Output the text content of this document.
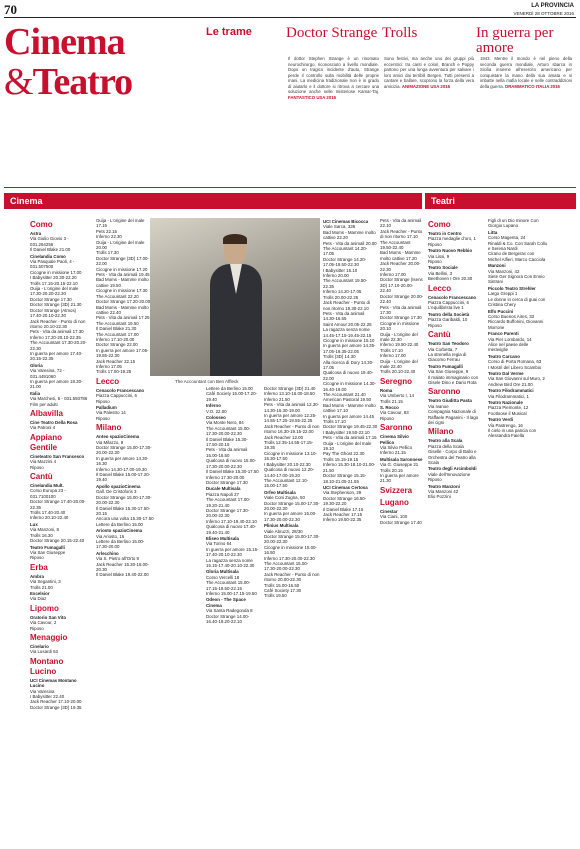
70	LA PROVINCIA
VENERDÌ 28 OTTOBRE 2016
Cinema
&Teatro
Le trame Doctor Strange Trolls	In guerra per amore
Il dottor Stephen Strange è un rinomato neurochirurgo, riconosciuto a livello mondiale. Dopo un tragico incidente d'auto, Strange perde il controllo sulla mobilità delle proprie mani. La medicina tradizionale non è in grado di aiutarlo e il dottore si ritrova a cercare una soluzione anche nelle misteriose Kamar-Taj. FANTASTICO USA 2016
Sono festivi, ma anche uno dei gruppi più eccentrici: tra canti e colori, Branch e Poppy partono per una lunga avventura per salvare i loro amici dai terribili Bergen. Tutti presenti a cantare e ballare, scoprono la forza della vera amicizia. ANIMAZIONE USA 2016
1943. Mentre il mondo è nel pieno della seconda guerra mondiale, Arturo sbarca in Sicilia insieme all'esercito americano per conquistare la mano della sua amata e si imbatte nella mafia locale e nelle contraddizioni della guerra. DRAMMATICO ITALIA 2016
Cinema	Teatri
Como
Astra
Via Giulio Giovio 3 - 031.264256
Il Daniel Blake 21.00
Cinelandia Como
Via Pasquale Paoli, 4 - 031.507500
Cicogne in missione 17.00
I Babysitter 20.30-22.20
Trolls 17.15-20.15-22.10
Ouija - L'origine del male 17.30-20.20-22.30
Doctor Strange 17.30
Doctor Strange (3D) 21.30
Doctor Strange (Atmos) 17.40-20.10-22.30
Jack Reacher - Punto di non ritorno 20.10-22.30
Pets - Vita da animali 17.30
Inferno 17.20-20.10-22.35
The Accountant 17.30-20.20-22.30
In guerra per amore 17.40-20.15-22.35
Gloria
Via Varesina, 72 - 031.4491060
In guerra per amore 18.30-21.00
Italia
Via Marchesi, 6 - 031.593786
Film per adulti
Albavilla
Cine Teatro Della Rosa
Via Patroni 4
Appiano Gentile
Cineteatro San Francesco
Via Mazzini 4
Riposo
Cantù
Cinelandia Mult.
Corso Europa 23 - 031.7100100
Doctor Strange 17.40-20.00-22.35
Trolls 17.40-20.40
Inferno 20.10-22.40
Lux
Via Manzoni, 8
Trolls 16.30
Doctor Strange 20.15-22.40
Teatro Fumagalli
Via San Giuseppe
Riposo
Erba
Ambra
Via Segantini, 3
Trolls 21.00
Excelsior
Via Diaz
Lipomo
Oratorio San Vito
Via Cavour, 2
Riposo
Menaggio
Cinelario
Via Lusardi 53
Montano Lucino
UCI Cinemas Montano Lucino
Via Varesina
I Babysitter 22.40
Jack Reacher 17.10-20.00
Doctor Strange (3D) 19.35
Ouija - L'origine del male 17.15
Pets 22.15
Inferno 22.30
Ouija - L'origine del male 20.00
Trolls 17.30
Doctor Strange (3D) 17.00-22.00
Cicogne in missione 17.20
Pets - Vita da animali 19.45
Bad Moms - Mamme molto cattive 19.50
Cicogne in missione 17.30
The Accountant 22.20
Doctor Strange 17.20-20.00
Bad Moms - Mamme molto cattive 22.40
Pets - Vita da animali 17.25
The Accountant 19.50
Il Daniel Blake 21.30
The Accountant 17.00
Inferno 17.10-20.00
Doctor Strange 22.00
In guerra per amore 17.05-19.55-22.30
Jack Reacher 22.15
Inferno 17.05
Trolls 17.00-19.25
Lecco
Cenacolo Francescano
Piazza Cappuccini, 6
Riposo
Palladium
Via Palestro 14
Riposo
Milano
Anteo spazioCinema
Via Milazzo, 9
Doctor Strange 15.00-17.30-20.00-22.30
In guerra per amore 14.30-16.30
Inferno 14.30-17.00-19.30
Il Daniel Blake 15.00-17.20-19.40
Apollo spazioCinema
Gall. De Cristoforis 3
Doctor Strange 15.00-17.30-20.00-22.30
Il Daniel Blake 15.30-17.50-20.15
Ancora una volta 15.30-17.50
Lettere da Berlino 15.00
Ariosto spazioCinema
Via Ariosto, 16
Lettere da Berlino 15.00-17.30-20.00
Arlecchino
Via S. Pietro all'Orto 9
Jack Reacher 15.30-18.00-20.30
Il Daniel Blake 19.40-22.00
Lettere da Berlino 15.00
Café Society 15.00-17.20-19.40
Inferno
V.O. 22.00
Colosseo
Via Monte Nero, 84
The Accountant 15.00-17.30-20.00-22.30
Il Daniel Blake 15.30-17.50-20.15
Pets - Vita da animali 15.00-16.50
Qualcosa di nuovo 15.00-17.30-20.00-22.30
Il Daniel Blake 15.30-17.50
Inferno 17.30-20.00
Doctor Strange 17.30
Ducale Multisala
Piazza Napoli 27
The Accountant 17.00-19.20-21.40
Doctor Strange 17.30-20.00-22.30
Inferno 17.10-19.40-22.10
Qualcosa di nuovo 17.40-19.40-21.40
Eliseo Multisala
Via Torino 64
In guerra per amore 15.15-17.40-20.10-22.30
La ragazza senza nome 15.15-17.40-20.10-22.30
Gloria Multisala
Corso Vercelli 18
The Accountant 15.00-17.15-19.50-22.15
Inferno 15.00-17.15-19.50
Odeon - The Space Cinema
Via Santa Radegonda 8
Doctor Strange 14.00-16.40-19.20-22.10
Doctor Strange (3D) 21.40
Inferno 13.10-16.00-18.50
Inferno 21.50
Pets - Vita da animali 12.30-14.30-16.30-19.00
In guerra per amore 12.25-14.55-17.25-19.55-22.25
Jack Reacher - Punto di non ritorno 16.30-19.15-22.00
Jack Reacher 12.00
Trolls 12.35-14.55-17.15-19.35
Cicogne in missione 13.10-15.30-17.50
I Babysitter 20.10-22.30
Qualcosa di nuovo 12.20-14.40-17.00-19.20
The Accountant 12.10-15.00-17.50
Orfeo Multisala
Viale Coni Zugna, 50
Doctor Strange 15.00-17.30-20.00-22.30
In guerra per amore 15.00-17.30-20.00-22.30
Plinius Multisala
Viale Abruzzi, 28/30
Doctor Strange 15.00-17.30-20.00-22.30
Cicogne in missione 15.00-16.50
Inferno 17.30-20.00-22.30
The Accountant 15.00-17.30-20.00-22.30
Jack Reacher - Punto di non ritorno 20.00-22.30
Trolls 15.00-16.50
Café Society 17.30
Trolls 19.50
UCI Cinemas Bicocca
Viale Sarca, 336
Bad Moms - Mamme molto cattive 22.20
Pets - Vita da animali 20.00
The Accountant 14.20-17.05
Doctor Strange 14.20-17.05-19.50-22.30
I Babysitter 15.10
Inferno 20.00
The Accountant 19.50-22.35
Inferno 14.20-17.05
Trolls 20.00-22.25
Jack Reacher - Punto di non ritorno 19.30-22.10
Pets - Vita da animali 14.30-16.55
Saint Amour 20.05-22.25
La ragazza senza nome 14.45-17.15-19.45-22.15
Cicogne in missione 15.10
In guerra per amore 14.35-17.05-19.35-22.05
Trolls (3D) 14.30
Alla ricerca di Dory 14.30-17.05
Qualcosa di nuovo 19.40-22.00
Cicogne in missione 14.30-16.40-19.00
The Accountant 21.40
American Pastoral 19.50
Bad Moms - Mamme molto cattive 17.10
In guerra per amore 14.45
Trolls 17.10
Doctor Strange 19.45-22.30
I Babysitter 19.50-22.10
Pets - Vita da animali 17.15
Ouija - L'origine del male 19.10
Pay The Ghost 22.30
Trolls 15.15-19.15
Inferno 15.30-18.10-21.00-21.50
Doctor Strange 15.15-18.10-21.05-21.55
UCI Cinemas Certosa
Via Stephenson, 29
Doctor Strange 16.50-19.30-22.20
Il Daniel Blake 17.15
Jack Reacher 17.15
Inferno 19.50-22.35
Pets - Vita da animali 22.10
Jack Reacher - Punto di non ritorno 17.10
The Accountant 19.50-22.40
Bad Moms - Mamme molto cattive 17.20
Jack Reacher 20.00-22.30
Inferno 17.00
Doctor Strange (Isens 3D) 17.10-20.00-22.40
Doctor Strange 20.00-22.40
Pets - Vita da animali 17.30
Doctor Strange 17.30
Cicogne in missione 20.10
Ouija - L'origine del male 22.30
Inferno 19.50-22.40
Trolls 17.10
Inferno 17.00
Ouija - L'origine del male 22.40
Trolls 20.10-22.40
Seregno
Roma
Via Umberto I, 14
Trolls 21.15
S. Rocco
Via Cavour, 83
Riposo
Saronno
Cinema Silvio Pellico
Via Silvio Pellico
Inferno 21.15
Multisala Saronnese
Via G. Giuseppe 21
Trolls 20.15
In guerra per amore 21.30
Svizzera
Lugano
Cinestar
Via Ciani, 100
Doctor Strange 17.40
Como
Teatro in Centro
Piazza medaglie d'oro, 1
Riposo
Teatro Nuovo Rebbio
Via Lissi, 9
Riposo
Teatro Sociale
Via Bellini, 3
Beethoven I Ore 20.30
Lecco
Cenacolo Francescano
Piazza Cappuccini, 6
L'equilibrista live 1
Teatro della Società
Piazza Garibaldi, 10
Riposo
Cantù
Teatro San Teodoro
Via Corbetta, 7
La strenella regia di Giacomo Ferrau
Teatro Fumagalli
Via San Giuseppe, 9
Il malato immaginario con Gisele Dino e Dario Rota
Saronno
Teatro Giuditta Pasta
Via Ivanoe
Compagnia Nazionale di Raffaele Paganini - Il lago dei cigni
Milano
Teatro alla Scala
Piazza della Scala
Giselle - Corpo di Ballo e Orchestra del Teatro alla Scala
Teatro degli Arcimboldi
Viale dell'Innovazione
Riposo
Teatro Manzoni
Via Manzoni 42
Elio Pozzini
Figli di un Dio minore Con Giorgio Lupano
Litta
Corso Magenta, 24
Rinaldi & Co. Con Sarah Collu e Serena Nardi
Cirano de Bergerac con Michel Alfieri, Marco Cacciola
Manzoni
Via Manzoni, 42
Siete Ger Signora Con Ennio Sintrani
Piccolo Teatro Strehler
Largo Greppi 1
Le donne in cerca di guai con Cristina Chery
Elfo Puccini
Corso Buenos Aires, 33
Riccardo Buffonini, Giovanni Morrone
Franco Parenti
Via Pier Lombardo, 14
Alice nel paese delle meraviglie
Teatro Carcano
Corso di Porta Romana, 63
I Mostri del Libero Scambio
Teatro Dal Verme
Via San Giovanni sul Muro, 2
Andrew Bird Ore 21.00
Teatro Filodrammatici
Via Filodrammatici, 1
Teatro Nazionale
Piazza Piemonte, 12
Footloose il Musical
Teatro Verdi
Via Pastrengo, 16
Il cielo in una pancia con Alessandra Faiella
The Accountant con Ben Affleck
